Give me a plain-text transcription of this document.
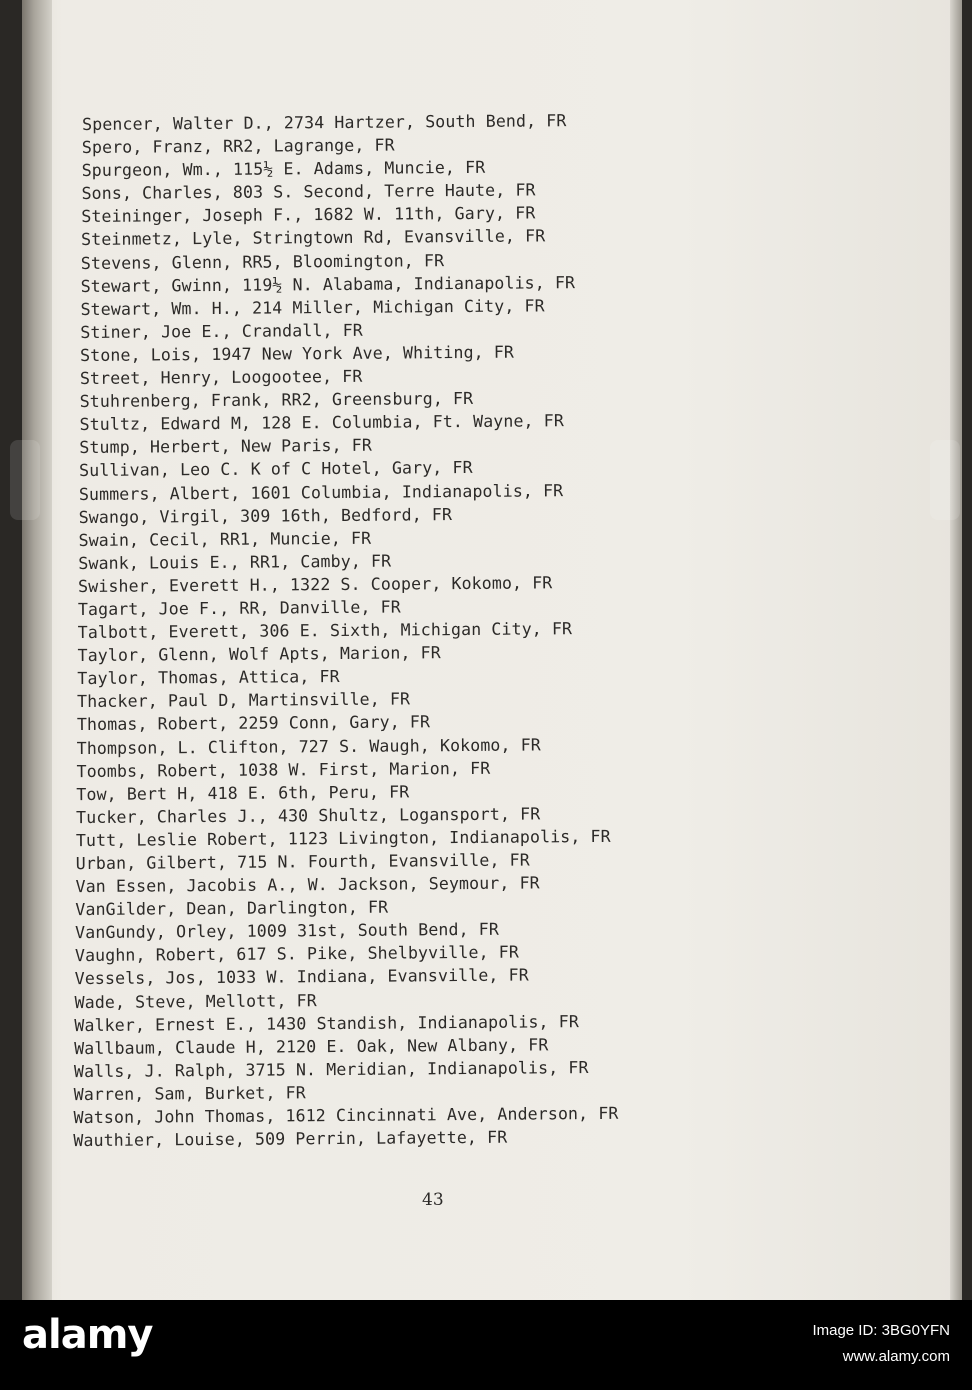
Spencer, Walter D., 2734 Hartzer, South Bend, FR
Spero, Franz, RR2, Lagrange, FR
Spurgeon, Wm., 115½ E. Adams, Muncie, FR
Sons, Charles, 803 S. Second, Terre Haute, FR
Steininger, Joseph F., 1682 W. 11th, Gary, FR
Steinmetz, Lyle, Stringtown Rd, Evansville, FR
Stevens, Glenn, RR5, Bloomington, FR
Stewart, Gwinn, 119½ N. Alabama, Indianapolis, FR
Stewart, Wm. H., 214 Miller, Michigan City, FR
Stiner, Joe E., Crandall, FR
Stone, Lois, 1947 New York Ave, Whiting, FR
Street, Henry, Loogootee, FR
Stuhrenberg, Frank, RR2, Greensburg, FR
Stultz, Edward M, 128 E. Columbia, Ft. Wayne, FR
Stump, Herbert, New Paris, FR
Sullivan, Leo C. K of C Hotel, Gary, FR
Summers, Albert, 1601 Columbia, Indianapolis, FR
Swango, Virgil, 309 16th, Bedford, FR
Swain, Cecil, RR1, Muncie, FR
Swank, Louis E., RR1, Camby, FR
Swisher, Everett H., 1322 S. Cooper, Kokomo, FR
Tagart, Joe F., RR, Danville, FR
Talbott, Everett, 306 E. Sixth, Michigan City, FR
Taylor, Glenn, Wolf Apts, Marion, FR
Taylor, Thomas, Attica, FR
Thacker, Paul D, Martinsville, FR
Thomas, Robert, 2259 Conn, Gary, FR
Thompson, L. Clifton, 727 S. Waugh, Kokomo, FR
Toombs, Robert, 1038 W. First, Marion, FR
Tow, Bert H, 418 E. 6th, Peru, FR
Tucker, Charles J., 430 Shultz, Logansport, FR
Tutt, Leslie Robert, 1123 Livington, Indianapolis, FR
Urban, Gilbert, 715 N. Fourth, Evansville, FR
Van Essen, Jacobis A., W. Jackson, Seymour, FR
VanGilder, Dean, Darlington, FR
VanGundy, Orley, 1009 31st, South Bend, FR
Vaughn, Robert, 617 S. Pike, Shelbyville, FR
Vessels, Jos, 1033 W. Indiana, Evansville, FR
Wade, Steve, Mellott, FR
Walker, Ernest E., 1430 Standish, Indianapolis, FR
Wallbaum, Claude H, 2120 E. Oak, New Albany, FR
Walls, J. Ralph, 3715 N. Meridian, Indianapolis, FR
Warren, Sam, Burket, FR
Watson, John Thomas, 1612 Cincinnati Ave, Anderson, FR
Wauthier, Louise, 509 Perrin, Lafayette, FR
43
alamy	Image ID: 3BG0YFN
www.alamy.com
